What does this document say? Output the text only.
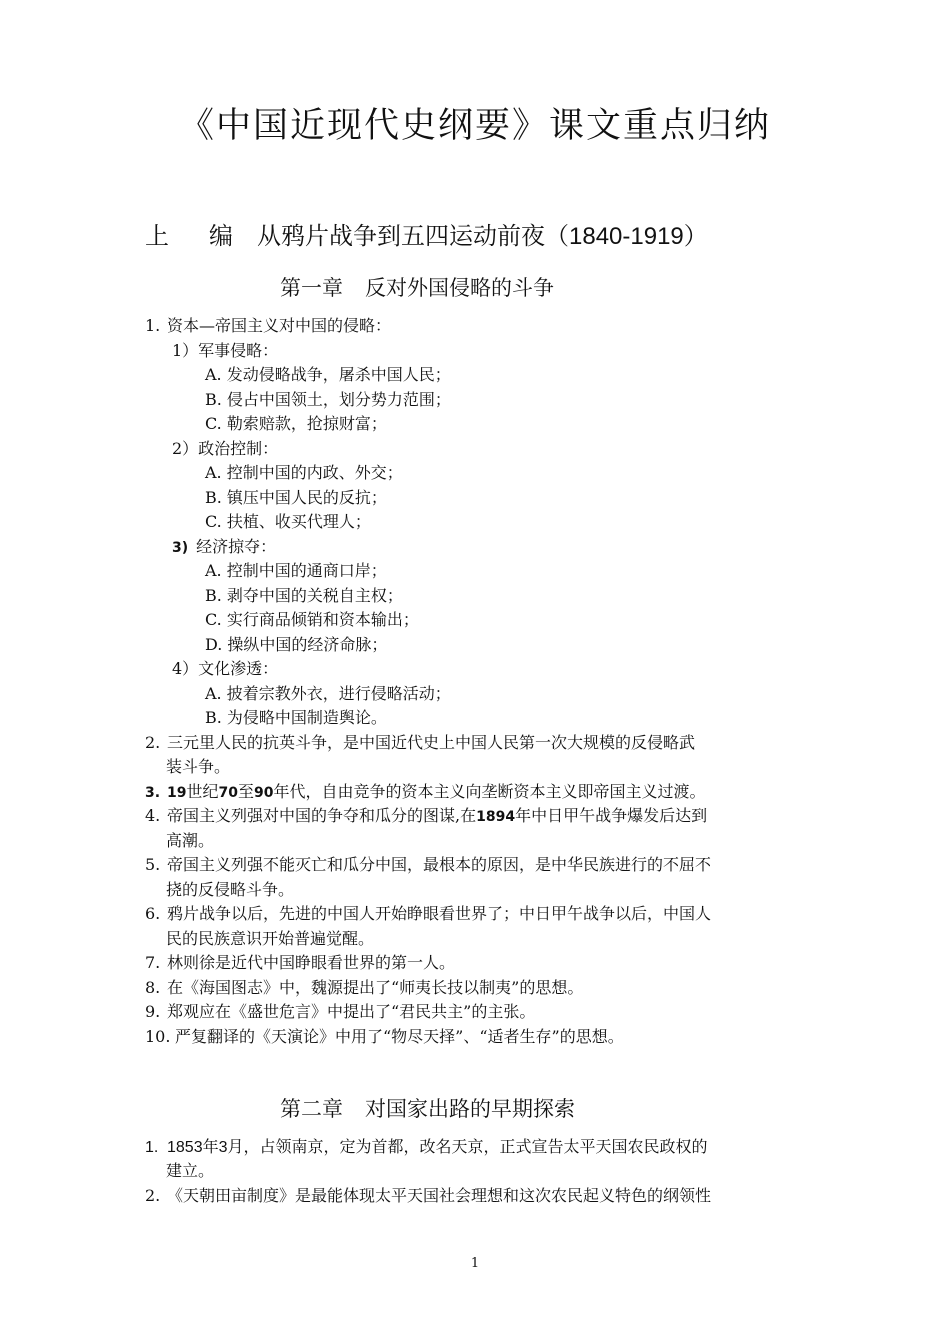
《中国近现代史纲要》课文重点归纳
上 编 从鸦片战争到五四运动前夜（1840-1919）
第一章 反对外国侵略的斗争
1. 资本—帝国主义对中国的侵略：
1）军事侵略：
A. 发动侵略战争，屠杀中国人民；
B. 侵占中国领土，划分势力范围；
C. 勒索赔款，抢掠财富；
2）政治控制：
A. 控制中国的内政、外交；
B. 镇压中国人民的反抗；
C. 扶植、收买代理人；
3) 经济掠夺：
A. 控制中国的通商口岸；
B. 剥夺中国的关税自主权；
C. 实行商品倾销和资本输出；
D. 操纵中国的经济命脉；
4）文化渗透：
A. 披着宗教外衣，进行侵略活动；
B. 为侵略中国制造舆论。
2. 三元里人民的抗英斗争，是中国近代史上中国人民第一次大规模的反侵略武
装斗争。
3. 19世纪70至90年代，自由竞争的资本主义向垄断资本主义即帝国主义过渡。
4. 帝国主义列强对中国的争夺和瓜分的图谋,在1894年中日甲午战争爆发后达到
高潮。
5. 帝国主义列强不能灭亡和瓜分中国，最根本的原因，是中华民族进行的不屈不
挠的反侵略斗争。
6. 鸦片战争以后，先进的中国人开始睁眼看世界了；中日甲午战争以后，中国人
民的民族意识开始普遍觉醒。
7. 林则徐是近代中国睁眼看世界的第一人。
8. 在《海国图志》中，魏源提出了“师夷长技以制夷”的思想。
9. 郑观应在《盛世危言》中提出了“君民共主”的主张。
10. 严复翻译的《天演论》中用了“物尽天择”、“适者生存”的思想。
第二章 对国家出路的早期探索
1. 1853年3月，占领南京，定为首都，改名天京，正式宣告太平天国农民政权的
建立。
2. 《天朝田亩制度》是最能体现太平天国社会理想和这次农民起义特色的纲领性
1
